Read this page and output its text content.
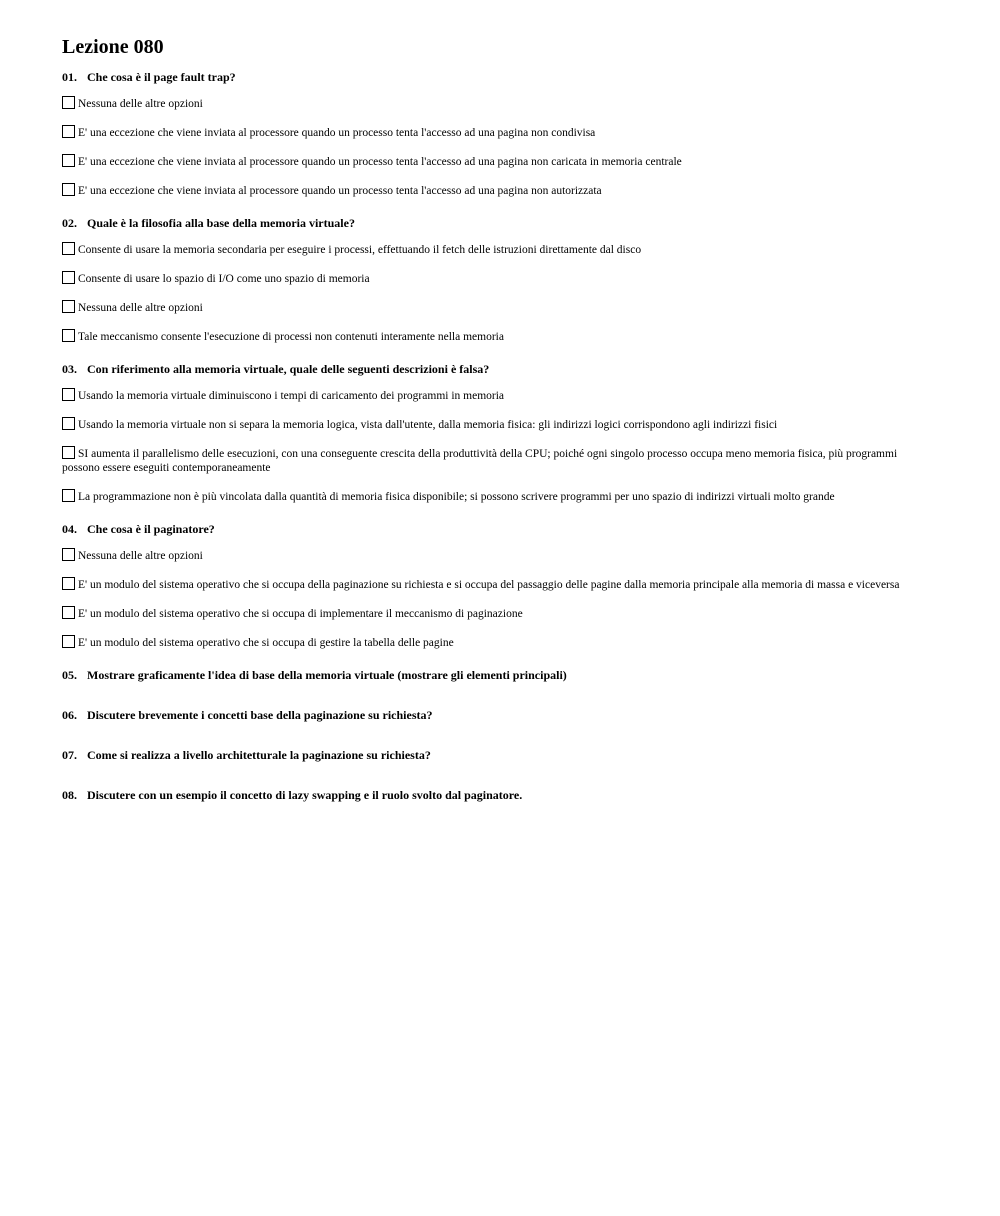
Lezione 080
01. Che cosa è il page fault trap?
Nessuna delle altre opzioni
E' una eccezione che viene inviata al processore quando un processo tenta l'accesso ad una pagina non condivisa
E' una eccezione che viene inviata al processore quando un processo tenta l'accesso ad una pagina non caricata in memoria centrale
E' una eccezione che viene inviata al processore quando un processo tenta l'accesso ad una pagina non autorizzata
02. Quale è la filosofia alla base della memoria virtuale?
Consente di usare la memoria secondaria per eseguire i processi, effettuando il fetch delle istruzioni direttamente dal disco
Consente di usare lo spazio di I/O come uno spazio di memoria
Nessuna delle altre opzioni
Tale meccanismo consente l'esecuzione di processi non contenuti interamente nella memoria
03. Con riferimento alla memoria virtuale, quale delle seguenti descrizioni è falsa?
Usando la memoria virtuale diminuiscono i tempi di caricamento dei programmi in memoria
Usando la memoria virtuale non si separa la memoria logica, vista dall'utente, dalla memoria fisica: gli indirizzi logici corrispondono agli indirizzi fisici
SI aumenta il parallelismo delle esecuzioni, con una conseguente crescita della produttività della CPU; poiché ogni singolo processo occupa meno memoria fisica, più programmi possono essere eseguiti contemporaneamente
La programmazione non è più vincolata dalla quantità di memoria fisica disponibile; si possono scrivere programmi per uno spazio di indirizzi virtuali molto grande
04. Che cosa è il paginatore?
Nessuna delle altre opzioni
E' un modulo del sistema operativo che si occupa della paginazione su richiesta e si occupa del passaggio delle pagine dalla memoria principale alla memoria di massa e viceversa
E' un modulo del sistema operativo che si occupa di implementare il meccanismo di paginazione
E' un modulo del sistema operativo che si occupa di gestire la tabella delle pagine
05. Mostrare graficamente l'idea di base della memoria virtuale (mostrare gli elementi principali)
06. Discutere brevemente i concetti base della paginazione su richiesta?
07. Come si realizza a livello architetturale la paginazione su richiesta?
08. Discutere con un esempio il concetto di lazy swapping e il ruolo svolto dal paginatore.
